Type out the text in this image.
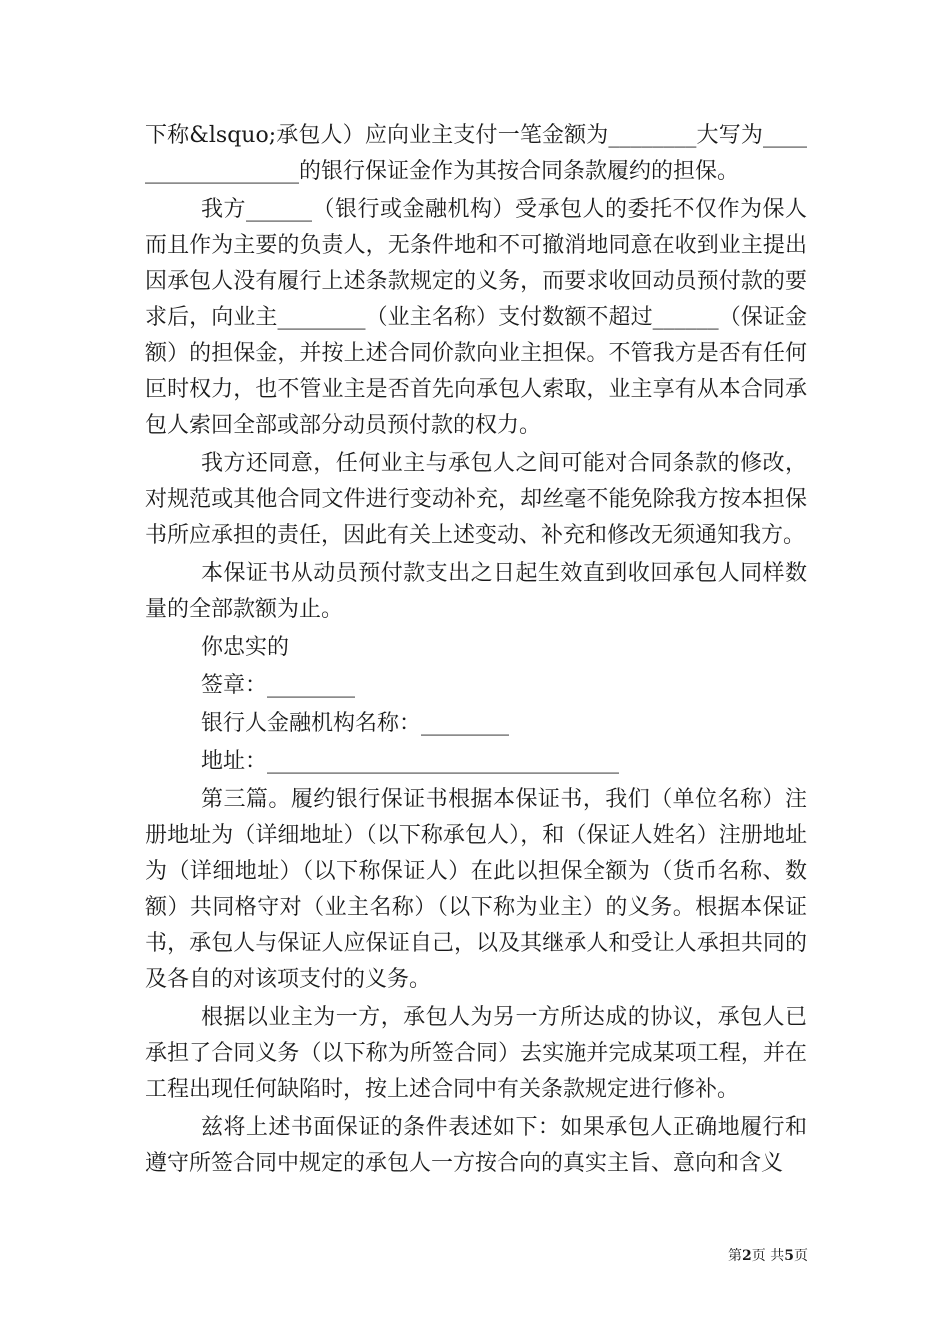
下称&lsquo;承包人）应向业主支付一笔金额为________大写为__________________的银行保证金作为其按合同条款履约的担保。

我方______（银行或金融机构）受承包人的委托不仅作为保人而且作为主要的负责人，无条件地和不可撤消地同意在收到业主提出因承包人没有履行上述条款规定的义务，而要求收回动员预付款的要求后，向业主________（业主名称）支付数额不超过______（保证金额）的担保金，并按上述合同价款向业主担保。不管我方是否有任何叵时权力，也不管业主是否首先向承包人索取，业主享有从本合同承包人索回全部或部分动员预付款的权力。

我方还同意，任何业主与承包人之间可能对合同条款的修改，对规范或其他合同文件进行变动补充，却丝毫不能免除我方按本担保书所应承担的责任，因此有关上述变动、补充和修改无须通知我方。

本保证书从动员预付款支出之日起生效直到收回承包人同样数量的全部款额为止。

你忠实的
签章：________
银行人金融机构名称：________
地址：________________________________

第三篇。履约银行保证书根据本保证书，我们（单位名称）注册地址为（详细地址）（以下称承包人），和（保证人姓名）注册地址为（详细地址）（以下称保证人）在此以担保全额为（货币名称、数额）共同格守对（业主名称）（以下称为业主）的义务。根据本保证书，承包人与保证人应保证自己，以及其继承人和受让人承担共同的及各自的对该项支付的义务。

根据以业主为一方，承包人为另一方所达成的协议，承包人已承担了合同义务（以下称为所签合同）去实施并完成某项工程，并在工程出现任何缺陷时，按上述合同中有关条款规定进行修补。

兹将上述书面保证的条件表述如下：如果承包人正确地履行和遵守所签合同中规定的承包人一方按合向的真实主旨、意向和含义

第2页 共5页
